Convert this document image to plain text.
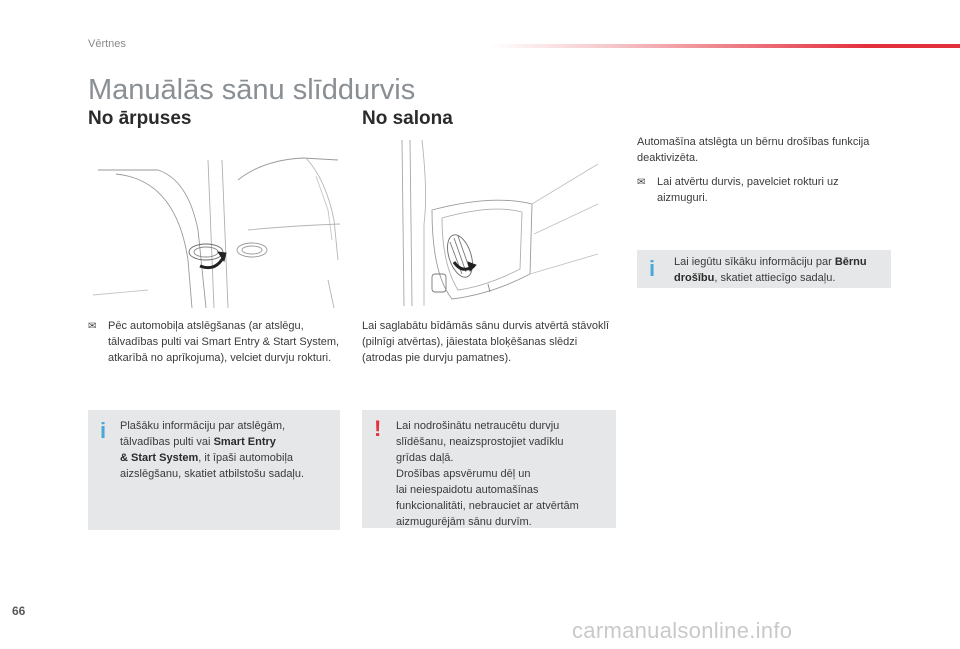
Vērtnes
Manuālās sānu slīddurvis
No ārpuses
✉	Pēc automobiļa atslēgšanas (ar atslēgu, tālvadības pulti vai Smart Entry & Start System, atkarībā no aprīkojuma), velciet durvju rokturi.
i Plašāku informāciju par atslēgām,
tālvadības pulti vai Smart Entry
& Start System, it īpaši automobiļa
aizslēgšanu, skatiet atbilstošu sadaļu.
No salona
Lai saglabātu bīdāmās sānu durvis atvērtā stāvoklī (pilnīgi atvērtas), jāiestata bloķēšanas slēdzi (atrodas pie durvju pamatnes).
! Lai nodrošinātu netraucētu durvju
slīdēšanu, neaizsprostojiet vadīklu
grīdas daļā.
Drošības apsvērumu dēļ un
lai neiespaidotu automašīnas
funkcionalitāti, nebrauciet ar atvērtām
aizmugurējām sānu durvīm.
Automašīna atslēgta un bērnu drošības funkcija deaktivizēta.
✉	Lai atvērtu durvis, pavelciet rokturi uz aizmuguri.
i Lai iegūtu sīkāku informāciju par Bērnu
drošību, skatiet attiecīgo sadaļu.
66
carmanualsonline.info
